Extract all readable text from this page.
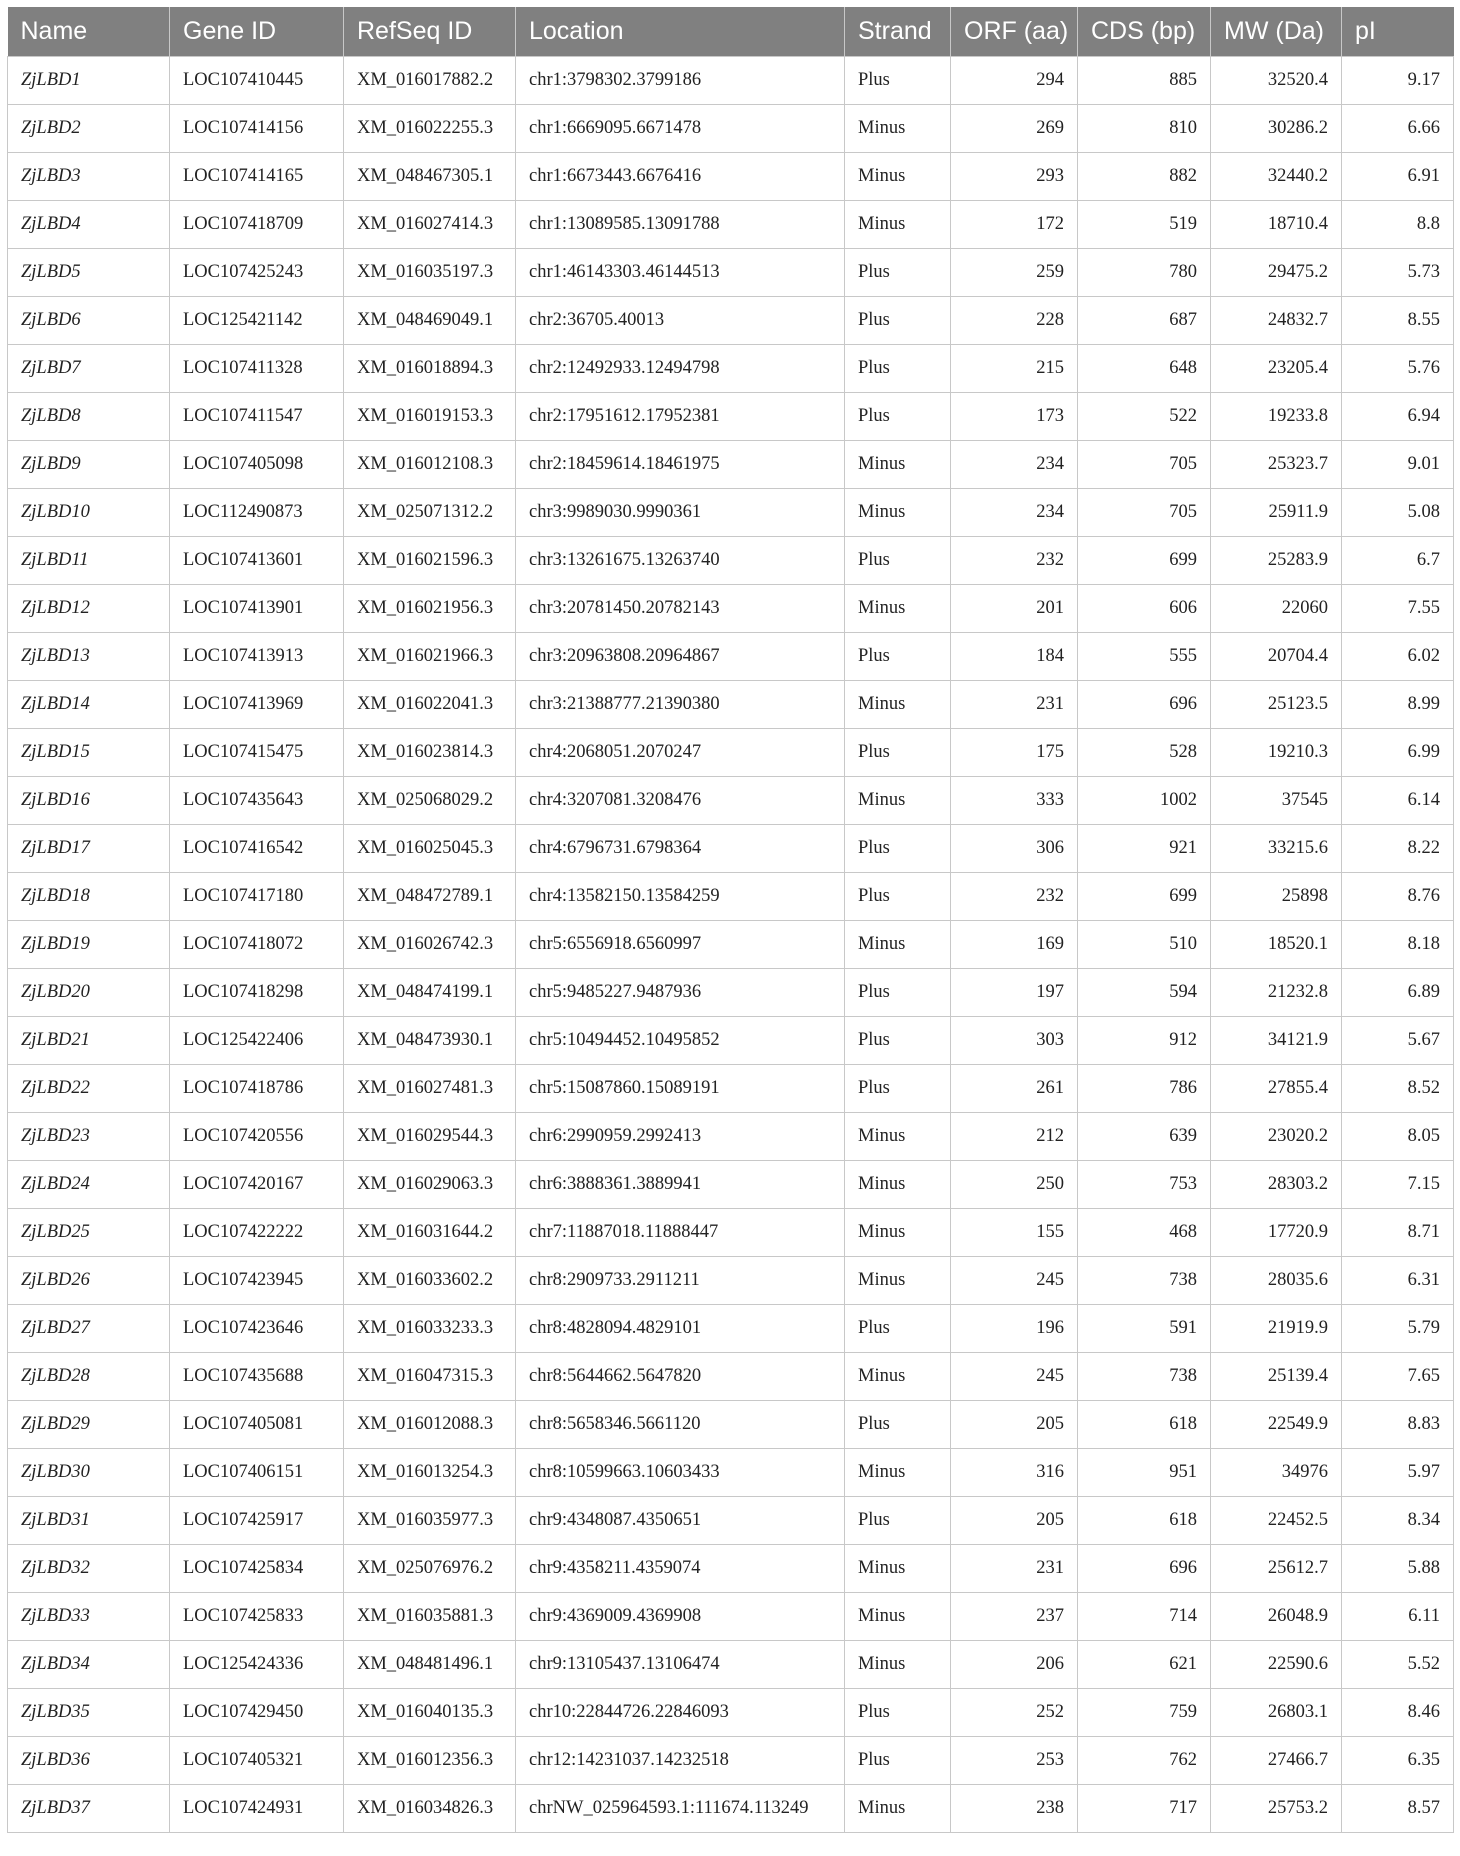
Name	Gene ID	RefSeq ID	Location	Strand	ORF (aa)	CDS (bp)	MW (Da)	pI
ZjLBD1	LOC107410445	XM_016017882.2	chr1:3798302.3799186	Plus	294	885	32520.4	9.17
ZjLBD2	LOC107414156	XM_016022255.3	chr1:6669095.6671478	Minus	269	810	30286.2	6.66
ZjLBD3	LOC107414165	XM_048467305.1	chr1:6673443.6676416	Minus	293	882	32440.2	6.91
ZjLBD4	LOC107418709	XM_016027414.3	chr1:13089585.13091788	Minus	172	519	18710.4	8.8
ZjLBD5	LOC107425243	XM_016035197.3	chr1:46143303.46144513	Plus	259	780	29475.2	5.73
ZjLBD6	LOC125421142	XM_048469049.1	chr2:36705.40013	Plus	228	687	24832.7	8.55
ZjLBD7	LOC107411328	XM_016018894.3	chr2:12492933.12494798	Plus	215	648	23205.4	5.76
ZjLBD8	LOC107411547	XM_016019153.3	chr2:17951612.17952381	Plus	173	522	19233.8	6.94
ZjLBD9	LOC107405098	XM_016012108.3	chr2:18459614.18461975	Minus	234	705	25323.7	9.01
ZjLBD10	LOC112490873	XM_025071312.2	chr3:9989030.9990361	Minus	234	705	25911.9	5.08
ZjLBD11	LOC107413601	XM_016021596.3	chr3:13261675.13263740	Plus	232	699	25283.9	6.7
ZjLBD12	LOC107413901	XM_016021956.3	chr3:20781450.20782143	Minus	201	606	22060	7.55
ZjLBD13	LOC107413913	XM_016021966.3	chr3:20963808.20964867	Plus	184	555	20704.4	6.02
ZjLBD14	LOC107413969	XM_016022041.3	chr3:21388777.21390380	Minus	231	696	25123.5	8.99
ZjLBD15	LOC107415475	XM_016023814.3	chr4:2068051.2070247	Plus	175	528	19210.3	6.99
ZjLBD16	LOC107435643	XM_025068029.2	chr4:3207081.3208476	Minus	333	1002	37545	6.14
ZjLBD17	LOC107416542	XM_016025045.3	chr4:6796731.6798364	Plus	306	921	33215.6	8.22
ZjLBD18	LOC107417180	XM_048472789.1	chr4:13582150.13584259	Plus	232	699	25898	8.76
ZjLBD19	LOC107418072	XM_016026742.3	chr5:6556918.6560997	Minus	169	510	18520.1	8.18
ZjLBD20	LOC107418298	XM_048474199.1	chr5:9485227.9487936	Plus	197	594	21232.8	6.89
ZjLBD21	LOC125422406	XM_048473930.1	chr5:10494452.10495852	Plus	303	912	34121.9	5.67
ZjLBD22	LOC107418786	XM_016027481.3	chr5:15087860.15089191	Plus	261	786	27855.4	8.52
ZjLBD23	LOC107420556	XM_016029544.3	chr6:2990959.2992413	Minus	212	639	23020.2	8.05
ZjLBD24	LOC107420167	XM_016029063.3	chr6:3888361.3889941	Minus	250	753	28303.2	7.15
ZjLBD25	LOC107422222	XM_016031644.2	chr7:11887018.11888447	Minus	155	468	17720.9	8.71
ZjLBD26	LOC107423945	XM_016033602.2	chr8:2909733.2911211	Minus	245	738	28035.6	6.31
ZjLBD27	LOC107423646	XM_016033233.3	chr8:4828094.4829101	Plus	196	591	21919.9	5.79
ZjLBD28	LOC107435688	XM_016047315.3	chr8:5644662.5647820	Minus	245	738	25139.4	7.65
ZjLBD29	LOC107405081	XM_016012088.3	chr8:5658346.5661120	Plus	205	618	22549.9	8.83
ZjLBD30	LOC107406151	XM_016013254.3	chr8:10599663.10603433	Minus	316	951	34976	5.97
ZjLBD31	LOC107425917	XM_016035977.3	chr9:4348087.4350651	Plus	205	618	22452.5	8.34
ZjLBD32	LOC107425834	XM_025076976.2	chr9:4358211.4359074	Minus	231	696	25612.7	5.88
ZjLBD33	LOC107425833	XM_016035881.3	chr9:4369009.4369908	Minus	237	714	26048.9	6.11
ZjLBD34	LOC125424336	XM_048481496.1	chr9:13105437.13106474	Minus	206	621	22590.6	5.52
ZjLBD35	LOC107429450	XM_016040135.3	chr10:22844726.22846093	Plus	252	759	26803.1	8.46
ZjLBD36	LOC107405321	XM_016012356.3	chr12:14231037.14232518	Plus	253	762	27466.7	6.35
ZjLBD37	LOC107424931	XM_016034826.3	chrNW_025964593.1:111674.113249	Minus	238	717	25753.2	8.57
